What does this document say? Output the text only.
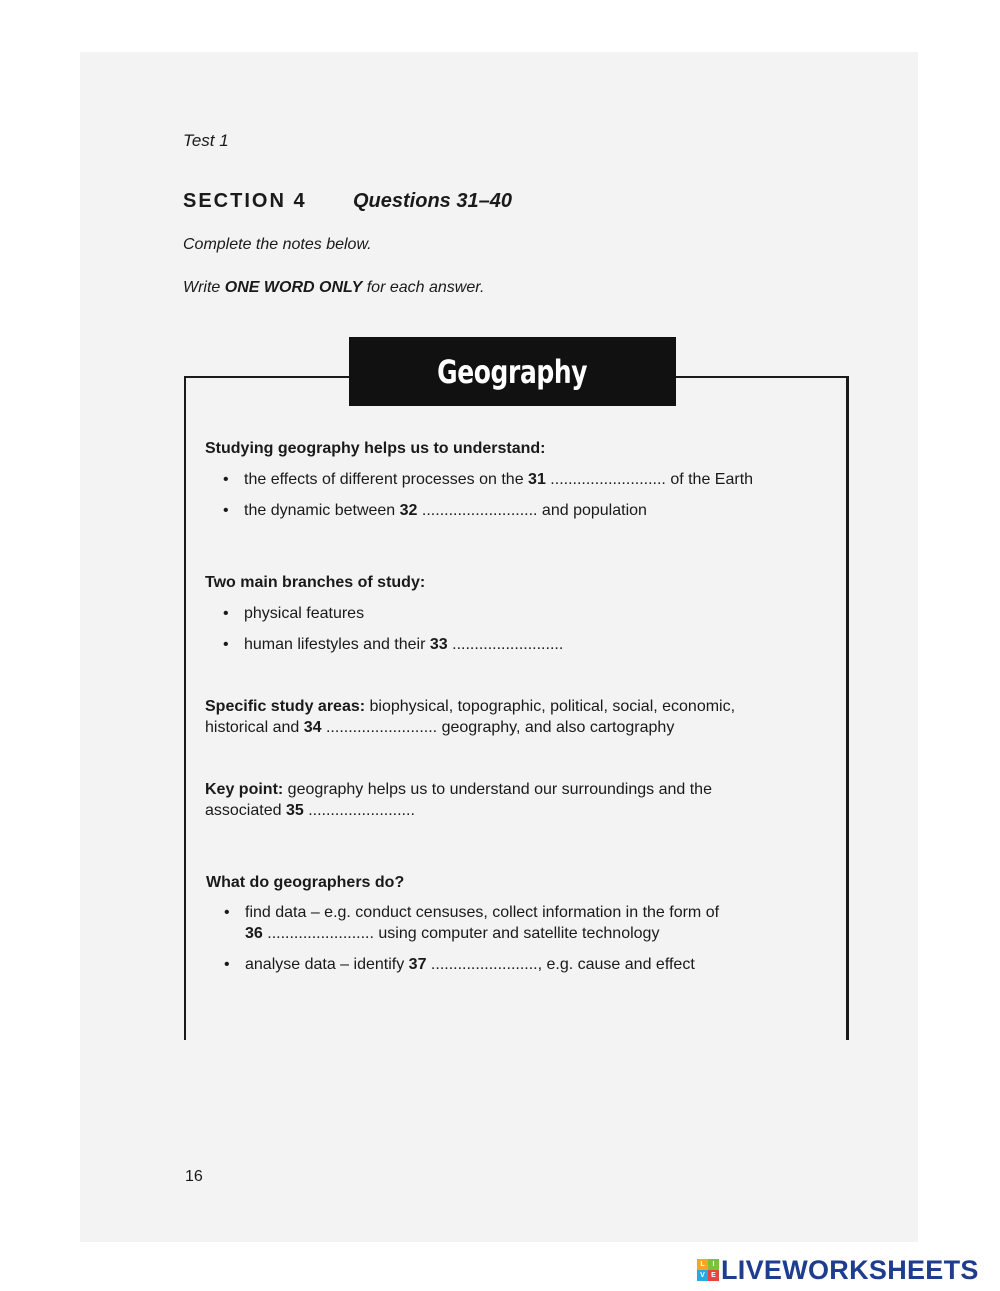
Test 1
SECTION 4 Questions 31–40
Complete the notes below.
Write ONE WORD ONLY for each answer.
Geography
Studying geography helps us to understand:
• the effects of different processes on the 31 .......................... of the Earth
• the dynamic between 32 .......................... and population
Two main branches of study:
• physical features
• human lifestyles and their 33 .........................
Specific study areas: biophysical, topographic, political, social, economic,
historical and 34 ......................... geography, and also cartography
Key point: geography helps us to understand our surroundings and the
associated 35 ........................
What do geographers do?
• find data – e.g. conduct censuses, collect information in the form of
36 ........................ using computer and satellite technology
• analyse data – identify 37 ........................, e.g. cause and effect
16
L	I
V E LIVEWORKSHEETS
